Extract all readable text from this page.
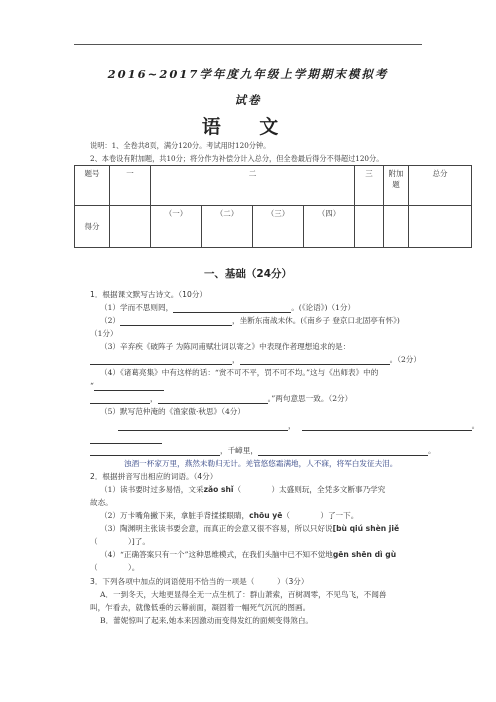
2016~2017学年度九年级上学期期末模拟考
试卷
语 文
说明：1、全卷共8页，满分120分。考试用时120分钟。
2、本卷设有附加题，共10分；将分作为补偿分计入总分，但全卷最后得分不得超过120分。
题号	一	二				三	附加题	总分
得分		（一）	（二）	（三）	（四）			
一、基础（24分）
1．根据课文默写古诗文。（10分）
（1）学而不思则罔，	。(《论语》)（1分）
（2）	，坐断东南战未休。(《南乡子 登京口北固亭有怀》)
（1分）
（3）辛弃疾《破阵子 为陈同甫赋壮词以寄之》中表现作者理想追求的是：
，	。（2分）
（4）《诸葛亮集》中有这样的话：“赏不可不平，罚不可不均。”这与《出师表》中的
“
，	。”两句意思一致。（2分）
（5）默写范仲淹的《渔家傲·秋思》（4分）
，	。
，千嶂里，	。
浊酒一杯家万里，燕然未勒归无计。羌管悠悠霜满地，人不寐，将军白发征夫泪。
2．根据拼音写出相应的词语。（4分）
（1）读书要时过多易悟，文采zǎo shǐ（　　　　）太盛则玩，全凭多文断事乃学究
故态。
（2）万卡嘴角撇下来，拿脏手背揉揉眼睛，chōu yē（　　　　）了一下。
（3）陶渊明主张读书要会意，而真正的会意又很不容易，所以只好说[bù qiú shèn jiě
（　　　　）]了。
（4）“正确答案只有一个”这种思维模式，在我们头脑中已不知不觉地gēn shēn dì gù
（　　　　）。
3．下列各项中加点的词语使用不恰当的一项是（　　　）（3分）
A．一到冬天，大地更显得全无一点生机了：群山萧索，百树凋零，不见鸟飞，不闻兽
叫，乍看去，就像低垂的云幕前面，凝固着一幅死气沉沉的图画。
B．蕾妮惊叫了起来,她本来因激动而变得发红的面颊变得煞白。
